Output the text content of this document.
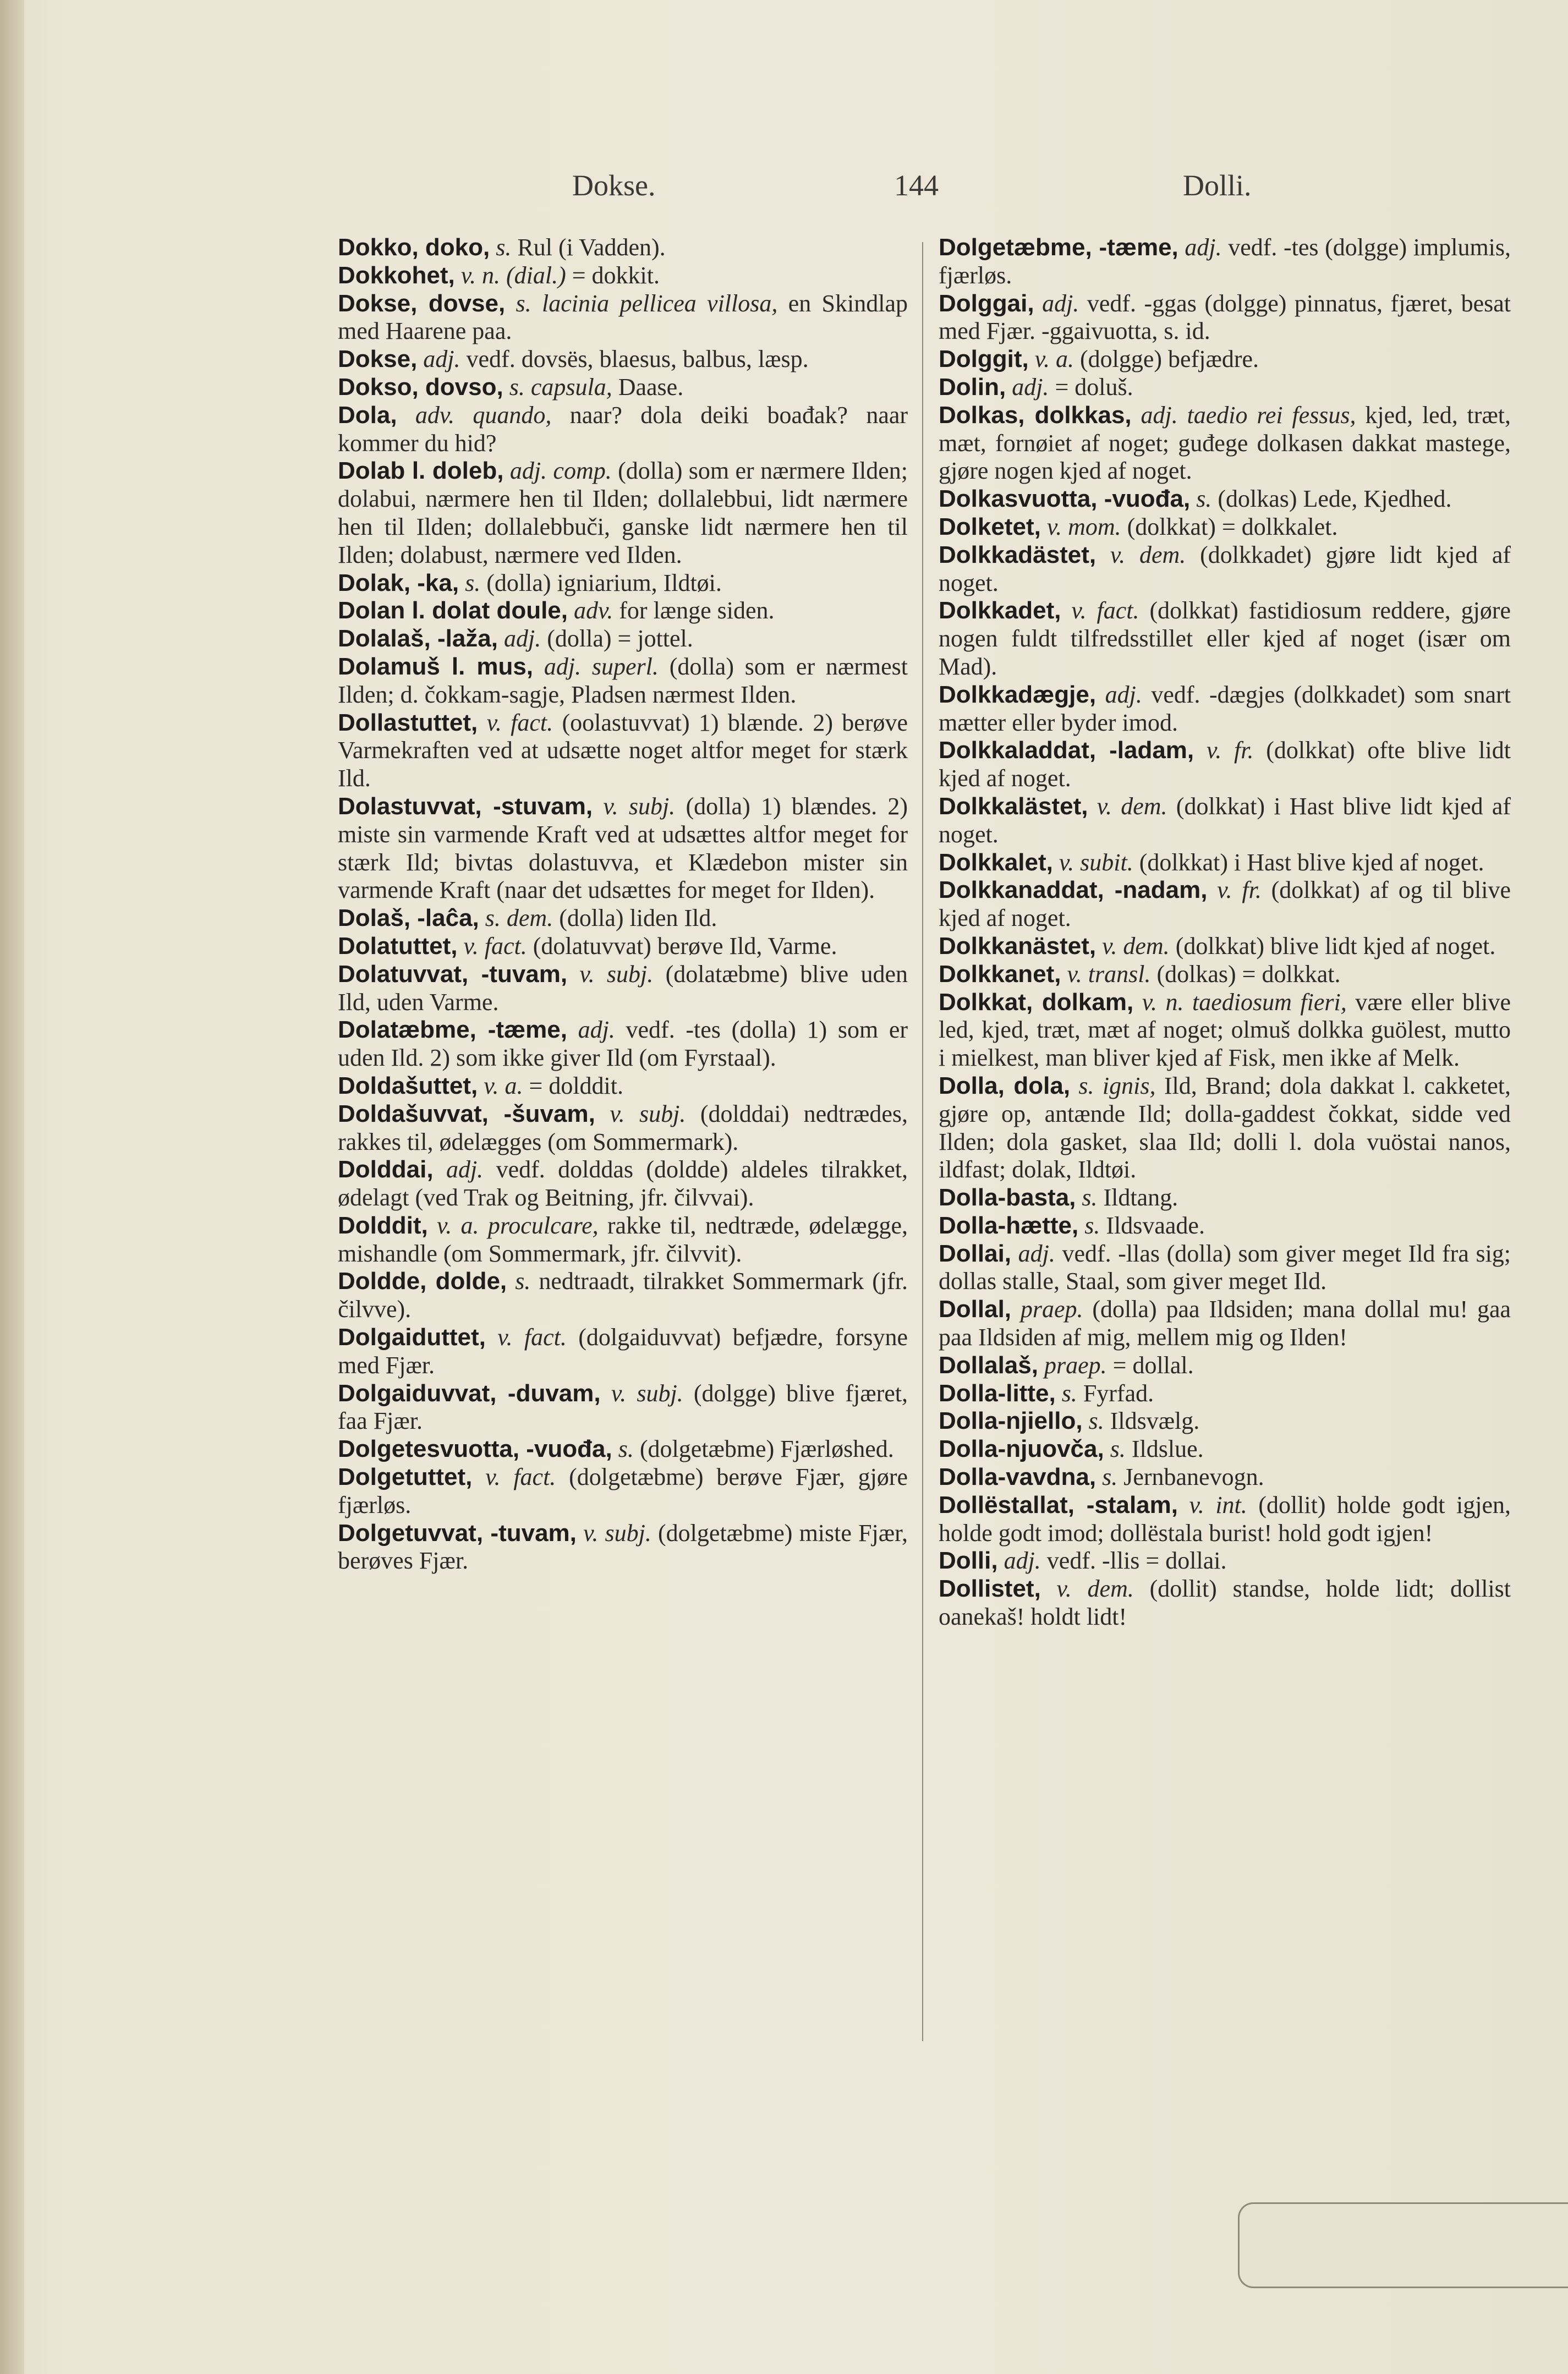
Dokse.	144	Dolli.

Dokko, doko, s. Rul (i Vadden).

Dokkohet, v. n. (dial.) = dokkit.

Dokse, dovse, s. lacinia pellicea villosa, en Skindlap med Haarene paa.

Dokse, adj. vedf. dovsës, blaesus, balbus, læsp.

Dokso, dovso, s. capsula, Daase.

Dola, adv. quando, naar? dola deiki boađak? naar kommer du hid?

Dolab l. doleb, adj. comp. (dolla) som er nærmere Ilden; dolabui, nærmere hen til Ilden; dollalebbui, lidt nærmere hen til Ilden; dollalebbuči, ganske lidt nærmere hen til Ilden; dolabust, nærmere ved Ilden.

Dolak, -ka, s. (dolla) igniarium, Ildtøi.

Dolan l. dolat doule, adv. for længe siden.

Dolalaš, -laža, adj. (dolla) = jottel.

Dolamuš l. mus, adj. superl. (dolla) som er nærmest Ilden; d. čokkam-sagje, Pladsen nærmest Ilden.

Dollastuttet, v. fact. (oolastuvvat) 1) blænde. 2) berøve Varmekraften ved at udsætte noget altfor meget for stærk Ild.

Dolastuvvat, -stuvam, v. subj. (dolla) 1) blændes. 2) miste sin varmende Kraft ved at udsættes altfor meget for stærk Ild; bivtas dolastuvva, et Klædebon mister sin varmende Kraft (naar det udsættes for meget for Ilden).

Dolaš, -laĉa, s. dem. (dolla) liden Ild.

Dolatuttet, v. fact. (dolatuvvat) berøve Ild, Varme.

Dolatuvvat, -tuvam, v. subj. (dolatæbme) blive uden Ild, uden Varme.

Dolatæbme, -tæme, adj. vedf. -tes (dolla) 1) som er uden Ild. 2) som ikke giver Ild (om Fyrstaal).

Doldašuttet, v. a. = dolddit.

Doldašuvvat, -šuvam, v. subj. (dolddai) nedtrædes, rakkes til, ødelægges (om Sommermark).

Dolddai, adj. vedf. dolddas (doldde) aldeles tilrakket, ødelagt (ved Trak og Beitning, jfr. čilvvai).

Dolddit, v. a. proculcare, rakke til, nedtræde, ødelægge, mishandle (om Sommermark, jfr. čilvvit).

Doldde, dolde, s. nedtraadt, tilrakket Sommermark (jfr. čilvve).

Dolgaiduttet, v. fact. (dolgaiduvvat) befjædre, forsyne med Fjær.

Dolgaiduvvat, -duvam, v. subj. (dolgge) blive fjæret, faa Fjær.

Dolgetesvuotta, -vuođa, s. (dolgetæbme) Fjærløshed.

Dolgetuttet, v. fact. (dolgetæbme) berøve Fjær, gjøre fjærløs.

Dolgetuvvat, -tuvam, v. subj. (dolgetæbme) miste Fjær, berøves Fjær.

Dolgetæbme, -tæme, adj. vedf. -tes (dolgge) implumis, fjærløs.

Dolggai, adj. vedf. -ggas (dolgge) pinnatus, fjæret, besat med Fjær. -ggaivuotta, s. id.

Dolggit, v. a. (dolgge) befjædre.

Dolin, adj. = doluš.

Dolkas, dolkkas, adj. taedio rei fessus, kjed, led, træt, mæt, fornøiet af noget; guđege dolkasen dakkat mastege, gjøre nogen kjed af noget.

Dolkasvuotta, -vuođa, s. (dolkas) Lede, Kjedhed.

Dolketet, v. mom. (dolkkat) = dolkkalet.

Dolkkadästet, v. dem. (dolkkadet) gjøre lidt kjed af noget.

Dolkkadet, v. fact. (dolkkat) fastidiosum reddere, gjøre nogen fuldt tilfredsstillet eller kjed af noget (især om Mad).

Dolkkadægje, adj. vedf. -dægjes (dolkkadet) som snart mætter eller byder imod.

Dolkkaladdat, -ladam, v. fr. (dolkkat) ofte blive lidt kjed af noget.

Dolkkalästet, v. dem. (dolkkat) i Hast blive lidt kjed af noget.

Dolkkalet, v. subit. (dolkkat) i Hast blive kjed af noget.

Dolkkanaddat, -nadam, v. fr. (dolkkat) af og til blive kjed af noget.

Dolkkanästet, v. dem. (dolkkat) blive lidt kjed af noget.

Dolkkanet, v. transl. (dolkas) = dolkkat.

Dolkkat, dolkam, v. n. taediosum fieri, være eller blive led, kjed, træt, mæt af noget; olmuš dolkka guölest, mutto i mielkest, man bliver kjed af Fisk, men ikke af Melk.

Dolla, dola, s. ignis, Ild, Brand; dola dakkat l. cakketet, gjøre op, antænde Ild; dolla-gaddest čokkat, sidde ved Ilden; dola gasket, slaa Ild; dolli l. dola vuöstai nanos, ildfast; dolak, Ildtøi.

Dolla-basta, s. Ildtang.

Dolla-hætte, s. Ildsvaade.

Dollai, adj. vedf. -llas (dolla) som giver meget Ild fra sig; dollas stalle, Staal, som giver meget Ild.

Dollal, praep. (dolla) paa Ildsiden; mana dollal mu! gaa paa Ildsiden af mig, mellem mig og Ilden!

Dollalaš, praep. = dollal.

Dolla-litte, s. Fyrfad.

Dolla-njiello, s. Ildsvælg.

Dolla-njuovča, s. Ildslue.

Dolla-vavdna, s. Jernbanevogn.

Dollëstallat, -stalam, v. int. (dollit) holde godt igjen, holde godt imod; dollëstala burist! hold godt igjen!

Dolli, adj. vedf. -llis = dollai.

Dollistet, v. dem. (dollit) standse, holde lidt; dollist oanekaš! holdt lidt!
